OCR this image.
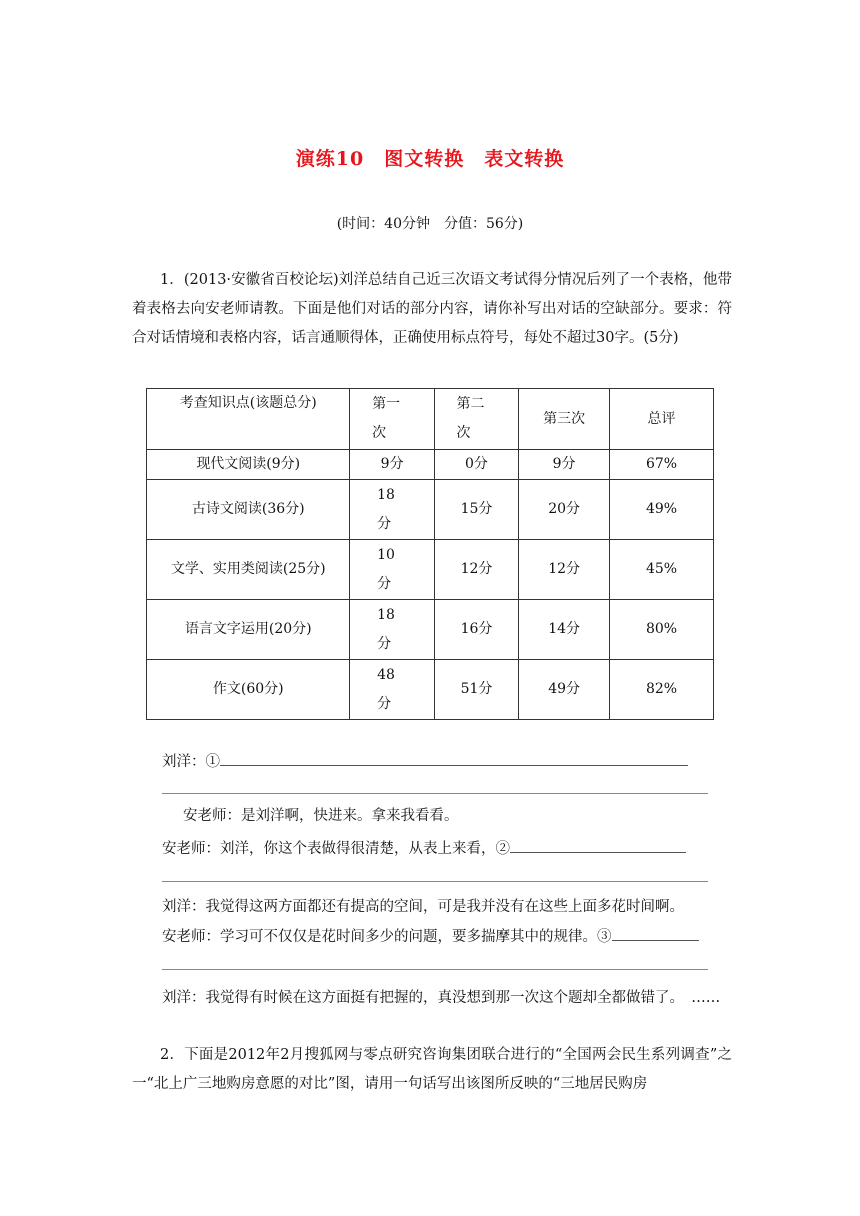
演练10 图文转换 表文转换
(时间：40分钟　分值：56分)
1．(2013·安徽省百校论坛)刘洋总结自己近三次语文考试得分情况后列了一个表格，他带着表格去向安老师请教。下面是他们对话的部分内容，请你补写出对话的空缺部分。要求：符合对话情境和表格内容，话言通顺得体，正确使用标点符号，每处不超过30字。(5分)
考查知识点(该题总分)	第一次	第二次	第三次	总评
现代文阅读(9分)	9分	0分	9分	67%
古诗文阅读(36分)	18分	15分	20分	49%
文学、实用类阅读(25分)	10分	12分	12分	45%
语言文字运用(20分)	18分	16分	14分	80%
作文(60分)	48分	51分	49分	82%
刘洋：①
安老师：是刘洋啊，快进来。拿来我看看。
安老师：刘洋，你这个表做得很清楚，从表上来看，②
刘洋：我觉得这两方面都还有提高的空间，可是我并没有在这些上面多花时间啊。
安老师：学习可不仅仅是花时间多少的问题，要多揣摩其中的规律。③
刘洋：我觉得有时候在这方面挺有把握的，真没想到那一次这个题却全都做错了。　……
2．下面是2012年2月搜狐网与零点研究咨询集团联合进行的“全国两会民生系列调查”之一“北上广三地购房意愿的对比”图，请用一句话写出该图所反映的“三地居民购房
